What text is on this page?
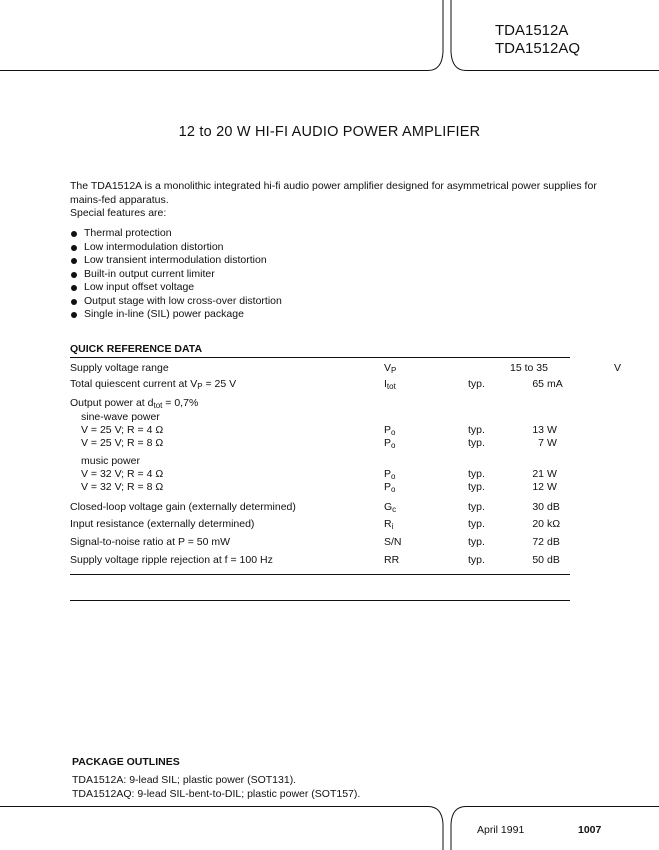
TDA1512A
TDA1512AQ
12 to 20 W HI-FI AUDIO POWER AMPLIFIER
The TDA1512A is a monolithic integrated hi-fi audio power amplifier designed for asymmetrical power supplies for mains-fed apparatus.
Special features are:
Thermal protection
Low intermodulation distortion
Low transient intermodulation distortion
Built-in output current limiter
Low input offset voltage
Output stage with low cross-over distortion
Single in-line (SIL) power package
QUICK REFERENCE DATA
Supply voltage range	$V_P$	15 to 35	V
Total quiescent current at $V_P = 25$ V	$I_{tot}$	typ.	65 mA
Output power at $d_{tot} = 0,7\%$
sine-wave power
V = 25 V; R = 4 Ω	$P_o$	typ.	13 W
V = 25 V; R = 8 Ω	$P_o$	typ.	7 W
music power
V = 32 V; R = 4 Ω	$P_o$	typ.	21 W
V = 32 V; R = 8 Ω	$P_o$	typ.	12 W
Closed-loop voltage gain (externally determined)	$G_c$	typ.	30 dB
Input resistance (externally determined)	$R_i$	typ.	20 kΩ
Signal-to-noise ratio at P = 50 mW	S/N	typ.	72 dB
Supply voltage ripple rejection at f = 100 Hz	RR	typ.	50 dB
PACKAGE OUTLINES
TDA1512A: 9-lead SIL; plastic power (SOT131).
TDA1512AQ: 9-lead SIL-bent-to-DIL; plastic power (SOT157).
April 1991	1007
